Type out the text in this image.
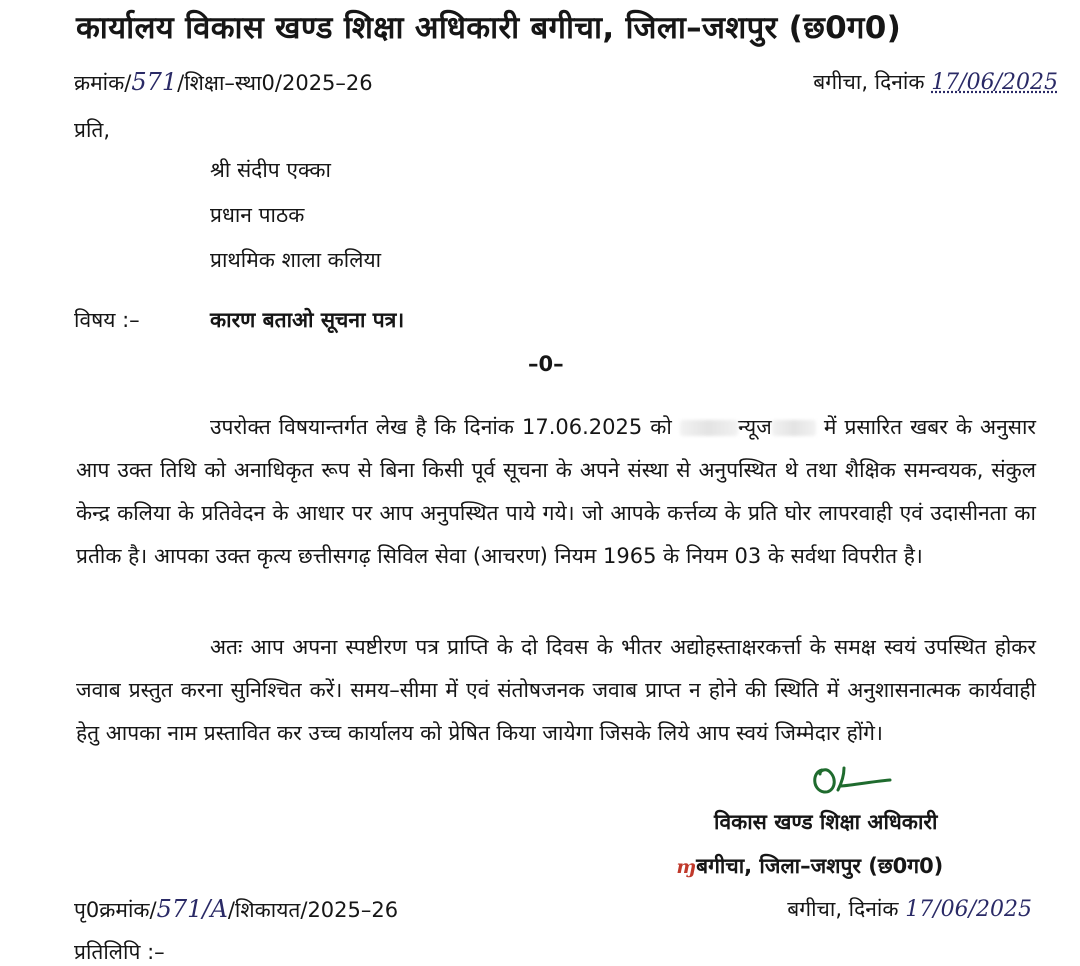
कार्यालय विकास खण्ड शिक्षा अधिकारी बगीचा, जिला–जशपुर (छ0ग0)
क्रमांक/571/शिक्षा–स्था0/2025–26	बगीचा, दिनांक 17/06/2025
प्रति,
श्री संदीप एक्का
प्रधान पाठक
प्राथमिक शाला कलिया
विषय :–	कारण बताओ सूचना पत्र।
–0–
उपरोक्त विषयान्तर्गत लेख है कि दिनांक 17.06.2025 को	न्यूज में प्रसारित खबर के अनुसार आप उक्त तिथि को अनाधिकृत रूप से बिना किसी पूर्व सूचना के अपने संस्था से अनुपस्थित थे तथा शैक्षिक समन्वयक, संकुल केन्द्र कलिया के प्रतिवेदन के आधार पर आप अनुपस्थित पाये गये। जो आपके कर्त्तव्य के प्रति घोर लापरवाही एवं उदासीनता का प्रतीक है। आपका उक्त कृत्य छत्तीसगढ़ सिविल सेवा (आचरण) नियम 1965 के नियम 03 के सर्वथा विपरीत है।
अतः आप अपना स्पष्टीरण पत्र प्राप्ति के दो दिवस के भीतर अद्योहस्ताक्षरकर्त्ता के समक्ष स्वयं उपस्थित होकर जवाब प्रस्तुत करना सुनिश्चित करें। समय–सीमा में एवं संतोषजनक जवाब प्राप्त न होने की स्थिति में अनुशासनात्मक कार्यवाही हेतु आपका नाम प्रस्तावित कर उच्च कार्यालय को प्रेषित किया जायेगा जिसके लिये आप स्वयं जिम्मेदार होंगे।
विकास खण्ड शिक्षा अधिकारी
ɱबगीचा, जिला–जशपुर (छ0ग0)
पृ0क्रमांक/571/A/शिकायत/2025–26	बगीचा, दिनांक 17/06/2025
प्रतिलिपि :–
